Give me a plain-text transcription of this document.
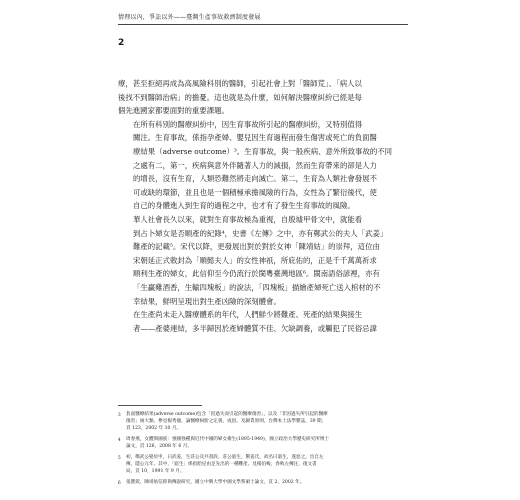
情理以內，爭訟以外——臺灣生產事故救濟制度發展
2
療，甚至拒絕再成為高風險科別的醫師，引起社會上對「醫師荒」、「病人以
後找不到醫師治病」的擔憂。這也就是為什麼，如何解決醫療糾紛已經是每
個先進國家都要面對的重要課題。
在所有科別的醫療糾紛中，因生育事故所引起的醫療糾紛，又特別值得
關注。生育事故，係指孕產婦、嬰兒因生育過程而發生傷害或死亡的負面醫
療結果（adverse outcome）³。生育事故，與一般疾病、意外所致事故的不同
之處有二，第一，疾病與意外伴隨著人力的減損，然而生育帶來的卻是人力
的增長，沒有生育，人類恐難然將走向滅亡。第二，生育為人類社會發展不
可或缺的環節，並且也是一個積極承擔風險的行為，女性為了繁衍後代，使
自己的身體進入到生育的過程之中，也才有了發生生育事故的風險。
華人社會長久以來，就對生育事故極為重視，自殷墟甲骨文中，就能看
到占卜婦女是否順產的紀錄⁴，史書《左傳》之中，亦有鄭武公的夫人「武姜」
難產的記載⁵。宋代以降，更發展出對於對於女神「陳靖姑」的崇拜，這位由
宋朝延正式敕封為「順懿夫人」的女性神祇，所庇佑的，正是千千萬萬祈求
順利生產的婦女，此信仰至今仍流行於閩粵臺灣地區⁶。閩南語俗諺裡，亦有
「生贏雞酒香，生輸四塊板」的說法，「四塊板」描繪產婦死亡送入棺材的不
幸結果，鮮明呈現出對生產凶險的深刻體會。
在生產尚未走入醫療體系的年代，人們鮮少將難產、死產的結果與接生
者——產婆連結，多半歸因於產婦體質不佳、欠缺調養，或觸犯了民俗忌諱
3	負面醫療結果(adverse outcome)包含「因過失而引起的醫療傷害」，以及「非因過失所引起的醫療
傷害」兩大類。參見楊秀儀，論醫療糾紛之定義、成因、及歸責原則，台灣本土法學雜誌，39 期，
頁 123，2002 年 10 月。
4	周春燕，女體與國族：強國強種與近代中國的婦女衛生(1895-1949)，國立政治大學歷史研究所博士
論文，頁 126，2008 年 6 月。
5	初，鄭武公娶於申，曰武姜，生莊公及共叔段。莊公寤生，驚姜氏，故名曰寤生，遂惡之。出自左
傳，隱公元年。其中，「寤生」係指胎兒由足先出的一種難產。見楊伯峻，春秋左傳注，復文書
局，頁 10，1991 年 9 月。
6	張寶欽，陳靖姑信仰與傳說研究，國立中興大學中國文學系碩士論文，頁 2，2002 年。
